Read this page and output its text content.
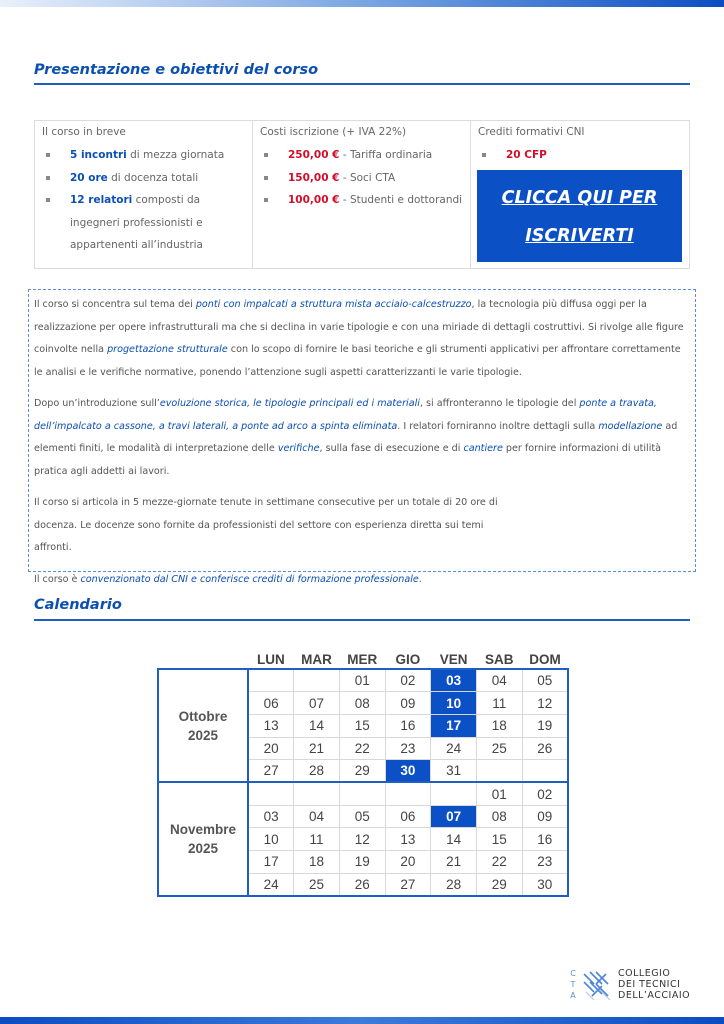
Presentazione e obiettivi del corso
Il corso in breve
5 incontri di mezza giornata
20 ore di docenza totali
12 relatori composti da ingegneri professionisti e appartenenti all’industria
Costi iscrizione (+ IVA 22%)
250,00 € - Tariffa ordinaria
150,00 € - Soci CTA
100,00 € - Studenti e dottorandi
Crediti formativi CNI
20 CFP
CLICCA QUI PER
ISCRIVERTI

Il corso si concentra sul tema dei ponti con impalcati a struttura mista acciaio-calcestruzzo, la tecnologia più diffusa oggi per la realizzazione per opere infrastrutturali ma che si declina in varie tipologie e con una miriade di dettagli costruttivi. Si rivolge alle figure coinvolte nella progettazione strutturale con lo scopo di fornire le basi teoriche e gli strumenti applicativi per affrontare correttamente le analisi e le verifiche normative, ponendo l’attenzione sugli aspetti caratterizzanti le varie tipologie.

Dopo un’introduzione sull’evoluzione storica, le tipologie principali ed i materiali, si affronteranno le tipologie del ponte a travata, dell’impalcato a cassone, a travi laterali, a ponte ad arco a spinta eliminata. I relatori forniranno inoltre dettagli sulla modellazione ad elementi finiti, le modalità di interpretazione delle verifiche, sulla fase di esecuzione e di cantiere per fornire informazioni di utilità pratica agli addetti ai lavori.

Il corso si articola in 5 mezze-giornate tenute in settimane consecutive per un totale di 20 ore di docenza. Le docenze sono fornite da professionisti del settore con esperienza diretta sui temi affronti.

Il corso è convenzionato dal CNI e conferisce crediti di formazione professionale.

Calendario
	LUN	MAR	MER	GIO	VEN	SAB	DOM

Ottobre
2025			01	02	03	04	05
	06	07	08	09	10	11	12
	13	14	15	16	17	18	19
	20	21	22	23	24	25	26
	27	28	29	30	31		

Novembre
2025						01	02
	03	04	05	06	07	08	09
	10	11	12	13	14	15	16
	17	18	19	20	21	22	23
	24	25	26	27	28	29	30
C
T
A
COLLEGIO
DEI TECNICI
DELL’ACCIAIO
